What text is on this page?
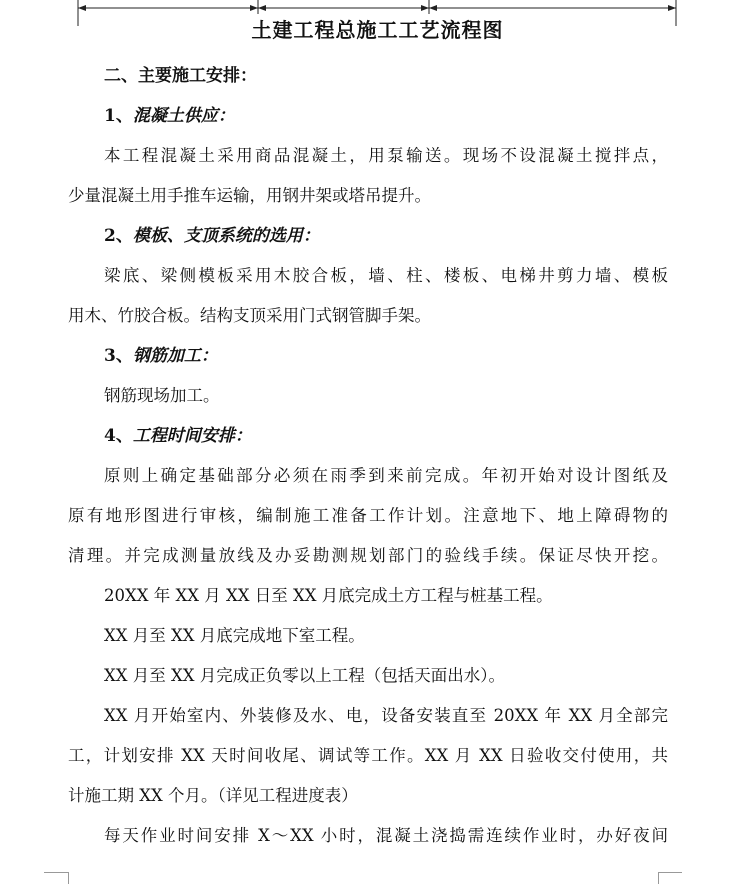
土建工程总施工工艺流程图

二、主要施工安排：

1、混凝土供应：

本工程混凝土采用商品混凝土，用泵输送。现场不设混凝土搅拌点，

少量混凝土用手推车运输，用钢井架或塔吊提升。

2、模板、支顶系统的选用：

梁底、梁侧模板采用木胶合板，墙、柱、楼板、电梯井剪力墙、模板

用木、竹胶合板。结构支顶采用门式钢管脚手架。

3、钢筋加工：

钢筋现场加工。

4、工程时间安排：

原则上确定基础部分必须在雨季到来前完成。年初开始对设计图纸及

原有地形图进行审核，编制施工准备工作计划。注意地下、地上障碍物的

清理。并完成测量放线及办妥勘测规划部门的验线手续。保证尽快开挖。

20XX 年 XX 月 XX 日至 XX 月底完成土方工程与桩基工程。

XX 月至 XX 月底完成地下室工程。

XX 月至 XX 月完成正负零以上工程（包括天面出水）。

XX 月开始室内、外装修及水、电，设备安装直至 20XX 年 XX 月全部完

工，计划安排 XX 天时间收尾、调试等工作。XX 月 XX 日验收交付使用，共

计施工期 XX 个月。（详见工程进度表）

每天作业时间安排 X～XX 小时，混凝土浇捣需连续作业时，办好夜间
